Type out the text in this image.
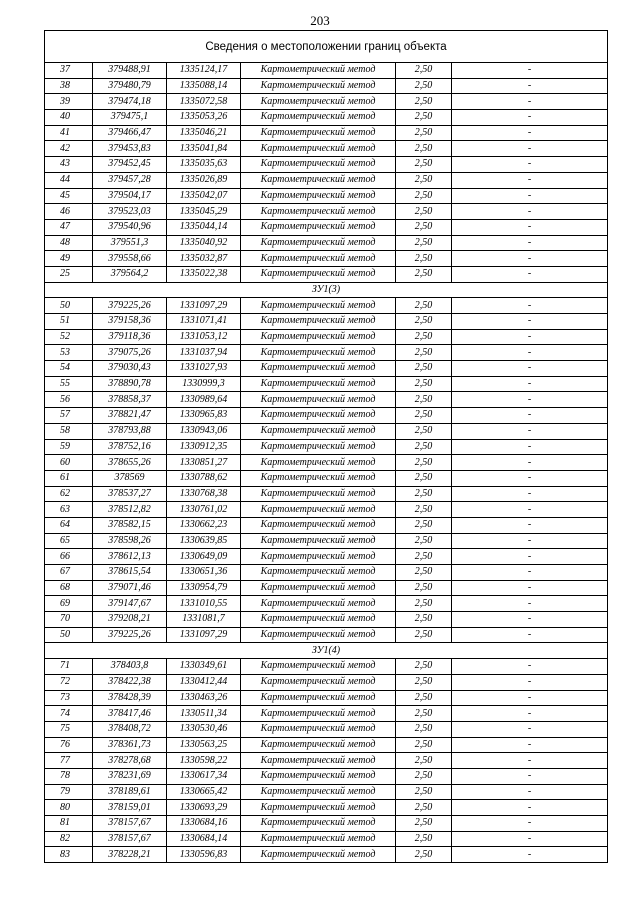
203
Сведения о местоположении границ объекта					
37	379488,91	1335124,17	Картометрический метод	2,50	-
38	379480,79	1335088,14	Картометрический метод	2,50	-
39	379474,18	1335072,58	Картометрический метод	2,50	-
40	379475,1	1335053,26	Картометрический метод	2,50	-
41	379466,47	1335046,21	Картометрический метод	2,50	-
42	379453,83	1335041,84	Картометрический метод	2,50	-
43	379452,45	1335035,63	Картометрический метод	2,50	-
44	379457,28	1335026,89	Картометрический метод	2,50	-
45	379504,17	1335042,07	Картометрический метод	2,50	-
46	379523,03	1335045,29	Картометрический метод	2,50	-
47	379540,96	1335044,14	Картометрический метод	2,50	-
48	379551,3	1335040,92	Картометрический метод	2,50	-
49	379558,66	1335032,87	Картометрический метод	2,50	-
25	379564,2	1335022,38	Картометрический метод	2,50	-
ЗУ1(3)					
50	379225,26	1331097,29	Картометрический метод	2,50	-
51	379158,36	1331071,41	Картометрический метод	2,50	-
52	379118,36	1331053,12	Картометрический метод	2,50	-
53	379075,26	1331037,94	Картометрический метод	2,50	-
54	379030,43	1331027,93	Картометрический метод	2,50	-
55	378890,78	1330999,3	Картометрический метод	2,50	-
56	378858,37	1330989,64	Картометрический метод	2,50	-
57	378821,47	1330965,83	Картометрический метод	2,50	-
58	378793,88	1330943,06	Картометрический метод	2,50	-
59	378752,16	1330912,35	Картометрический метод	2,50	-
60	378655,26	1330851,27	Картометрический метод	2,50	-
61	378569	1330788,62	Картометрический метод	2,50	-
62	378537,27	1330768,38	Картометрический метод	2,50	-
63	378512,82	1330761,02	Картометрический метод	2,50	-
64	378582,15	1330662,23	Картометрический метод	2,50	-
65	378598,26	1330639,85	Картометрический метод	2,50	-
66	378612,13	1330649,09	Картометрический метод	2,50	-
67	378615,54	1330651,36	Картометрический метод	2,50	-
68	379071,46	1330954,79	Картометрический метод	2,50	-
69	379147,67	1331010,55	Картометрический метод	2,50	-
70	379208,21	1331081,7	Картометрический метод	2,50	-
50	379225,26	1331097,29	Картометрический метод	2,50	-
ЗУ1(4)					
71	378403,8	1330349,61	Картометрический метод	2,50	-
72	378422,38	1330412,44	Картометрический метод	2,50	-
73	378428,39	1330463,26	Картометрический метод	2,50	-
74	378417,46	1330511,34	Картометрический метод	2,50	-
75	378408,72	1330530,46	Картометрический метод	2,50	-
76	378361,73	1330563,25	Картометрический метод	2,50	-
77	378278,68	1330598,22	Картометрический метод	2,50	-
78	378231,69	1330617,34	Картометрический метод	2,50	-
79	378189,61	1330665,42	Картометрический метод	2,50	-
80	378159,01	1330693,29	Картометрический метод	2,50	-
81	378157,67	1330684,16	Картометрический метод	2,50	-
82	378157,67	1330684,14	Картометрический метод	2,50	-
83	378228,21	1330596,83	Картометрический метод	2,50	-
